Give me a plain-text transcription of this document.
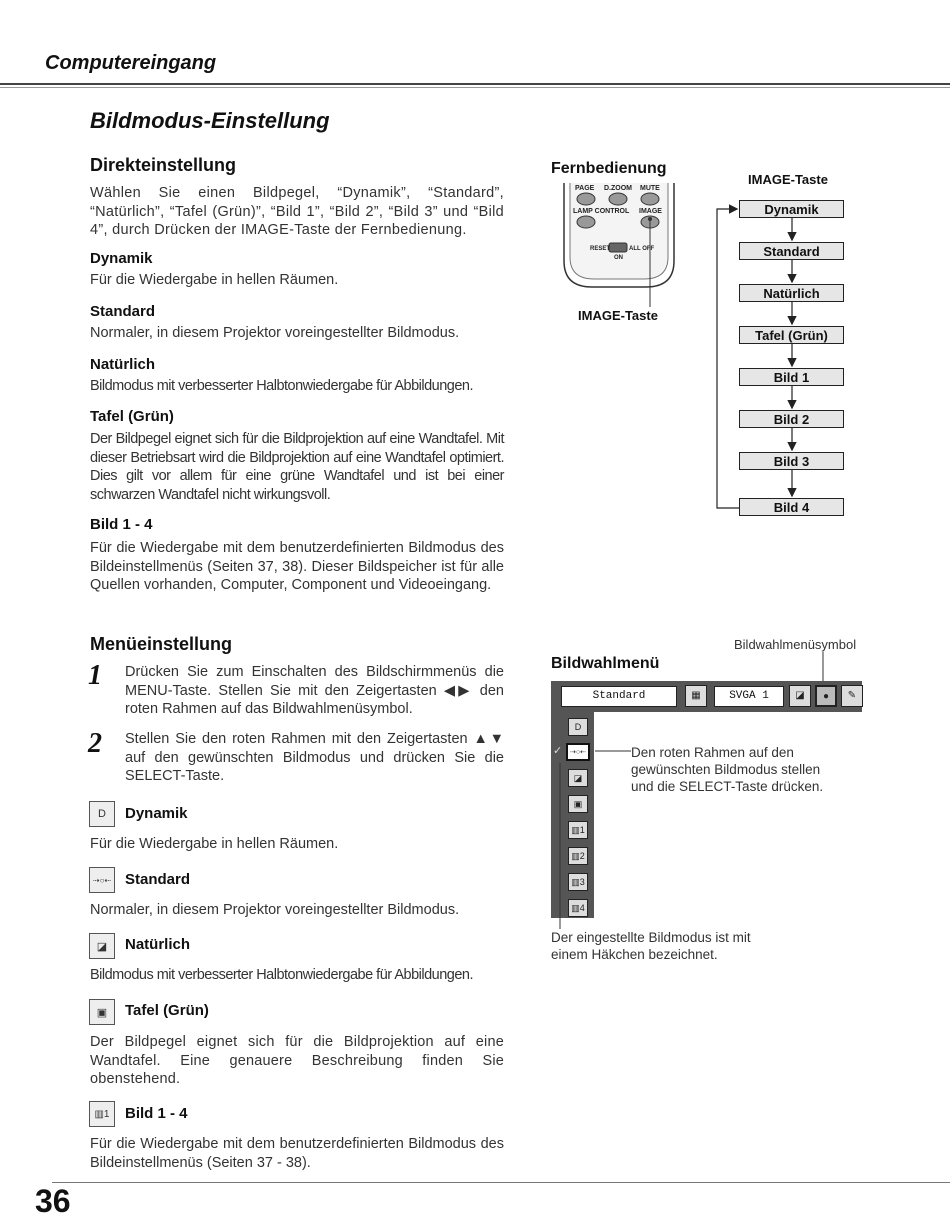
Computereingang
Bildmodus-Einstellung
Direkteinstellung
Wählen Sie einen Bildpegel, “Dynamik”, “Standard”, “Natürlich”, “Tafel (Grün)”, “Bild 1”, “Bild 2”, “Bild 3” und “Bild 4”, durch Drücken der IMAGE-Taste der Fernbedienung.
Dynamik
Für die Wiedergabe in hellen Räumen.
Standard
Normaler, in diesem Projektor voreingestellter Bildmodus.
Natürlich
Bildmodus mit verbesserter Halbtonwiedergabe für Abbildungen.
Tafel (Grün)
Der Bildpegel eignet sich für die Bildprojektion auf eine Wandtafel. Mit dieser Betriebsart wird die Bildprojektion auf eine Wandtafel optimiert. Dies gilt vor allem für eine grüne Wandtafel und ist bei einer schwarzen Wandtafel nicht wirkungsvoll.
Bild 1 - 4
Für die Wiedergabe mit dem benutzerdefinierten Bildmodus des Bildeinstellmenüs (Seiten 37, 38). Dieser Bildspeicher ist für alle Quellen vorhanden, Computer, Component und Videoeingang.
Fernbedienung
PAGE D.ZOOM MUTE
LAMP CONTROL IMAGE
RESET	ALL OFF
ON
IMAGE-Taste
IMAGE-Taste
Dynamik
Standard
Natürlich
Tafel (Grün)
Bild 1
Bild 2
Bild 3
Bild 4
Menüeinstellung
1 Drücken Sie zum Einschalten des Bildschirmmenüs die MENU-Taste. Stellen Sie mit den Zeigertasten ◀▶ den roten Rahmen auf das Bildwahlmenüsymbol.
2 Stellen Sie den roten Rahmen mit den Zeigertasten ▲▼ auf den gewünschten Bildmodus und drücken Sie die SELECT-Taste.
D	Dynamik
Für die Wiedergabe in hellen Räumen.
⇢○⇠ Standard
Normaler, in diesem Projektor voreingestellter Bildmodus.
◪	Natürlich
Bildmodus mit verbesserter Halbtonwiedergabe für Abbildungen.
▣	Tafel (Grün)
Der Bildpegel eignet sich für die Bildprojektion auf eine Wandtafel. Eine genauere Beschreibung finden Sie obenstehend.
▥1	Bild 1 - 4
Für die Wiedergabe mit dem benutzerdefinierten Bildmodus des Bildeinstellmenüs (Seiten 37 - 38).
Bildwahlmenüsymbol
Bildwahlmenü
Standard	▦	SVGA 1	◪	●	✎
D
⇢○⇠
◪
▣
▥1
▥2
▥3
▥4
✓	Den roten Rahmen auf den gewünschten Bildmodus stellen und die SELECT-Taste drücken.
Der eingestellte Bildmodus ist mit einem Häkchen bezeichnet.
36
